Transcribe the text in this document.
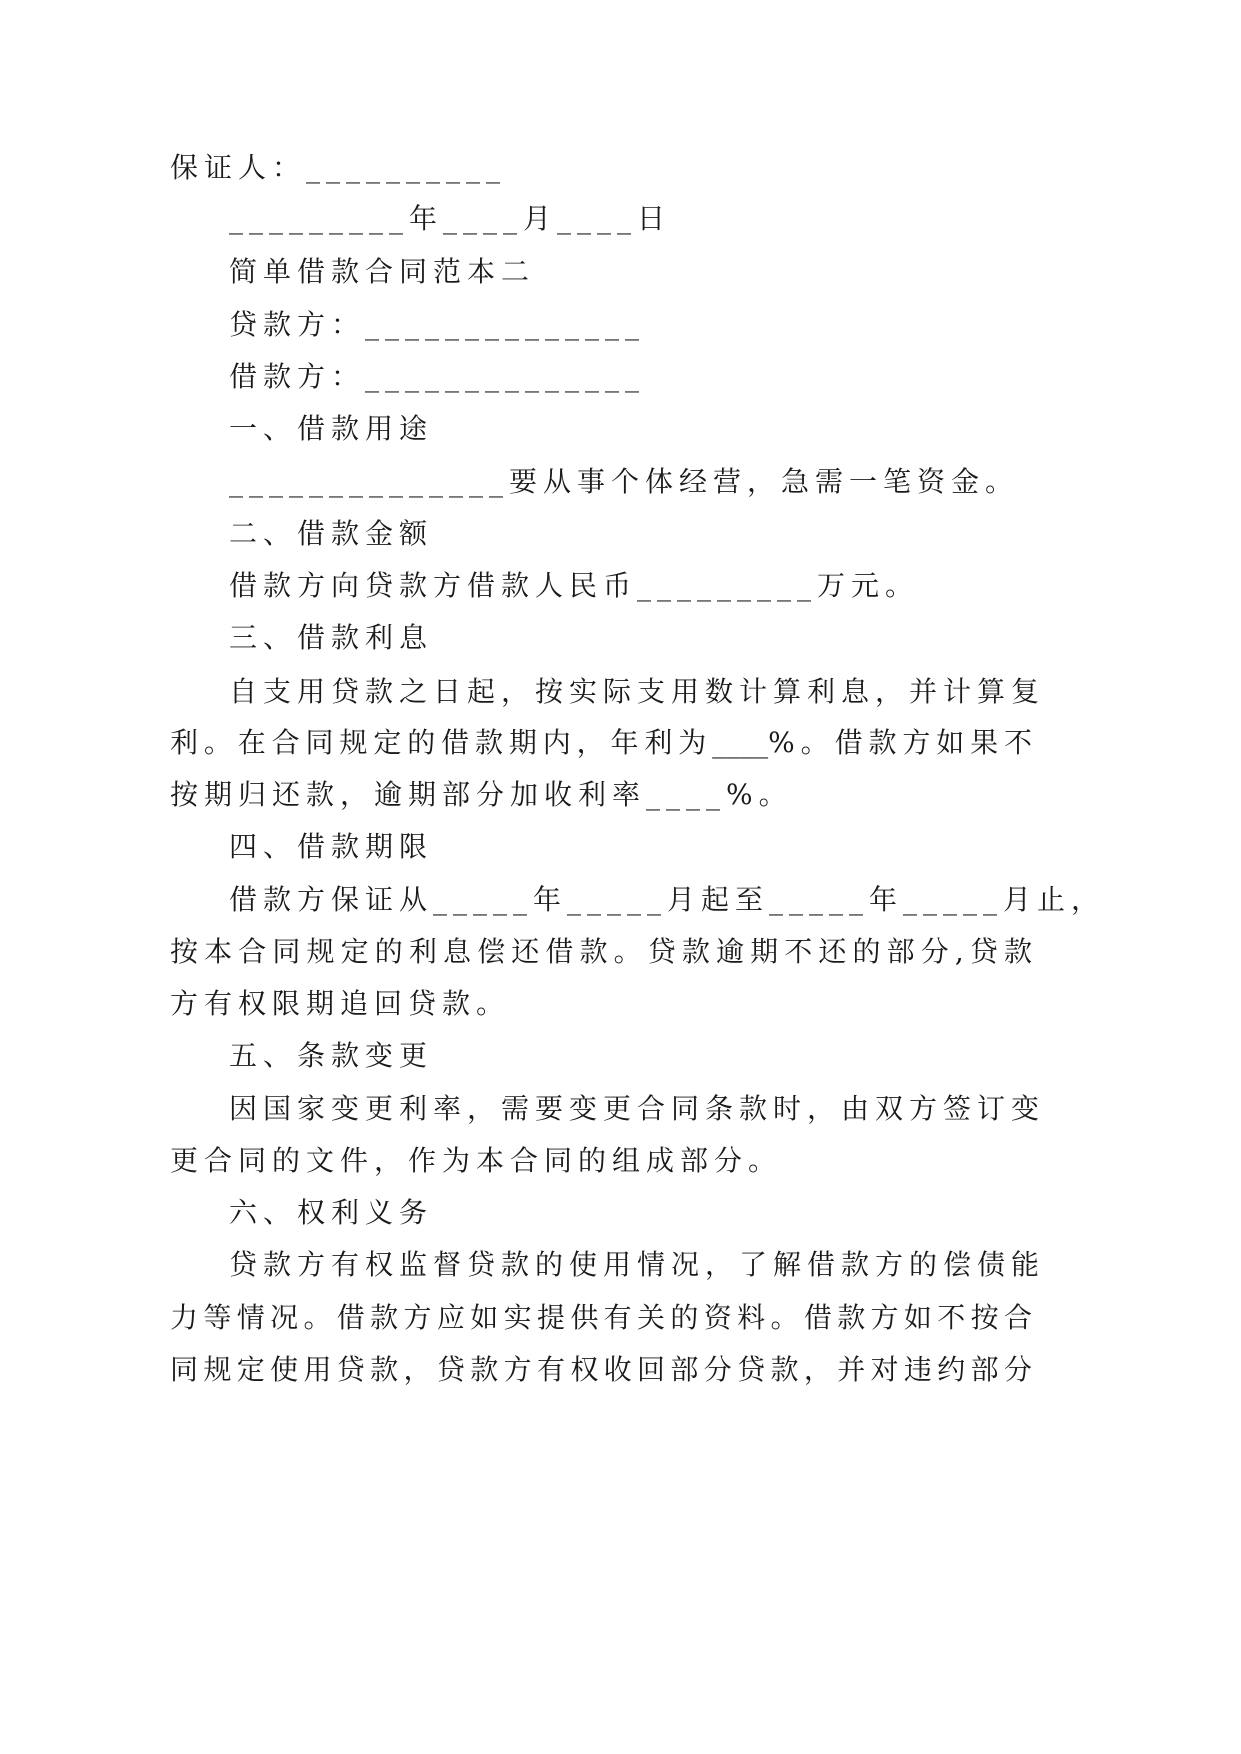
保证人：__________
_________年____月____日
简单借款合同范本二
贷款方：______________
借款方：______________
一、借款用途
______________要从事个体经营，急需一笔资金。
二、借款金额
借款方向贷款方借款人民币_________万元。
三、借款利息
自支用贷款之日起，按实际支用数计算利息，并计算复
利。在合同规定的借款期内，年利为____%。借款方如果不
按期归还款，逾期部分加收利率____%。
四、借款期限
借款方保证从_____年_____月起至_____年_____月止，
按本合同规定的利息偿还借款。贷款逾期不还的部分,贷款
方有权限期追回贷款。
五、条款变更
因国家变更利率，需要变更合同条款时，由双方签订变
更合同的文件，作为本合同的组成部分。
六、权利义务
贷款方有权监督贷款的使用情况，了解借款方的偿债能
力等情况。借款方应如实提供有关的资料。借款方如不按合
同规定使用贷款，贷款方有权收回部分贷款，并对违约部分
